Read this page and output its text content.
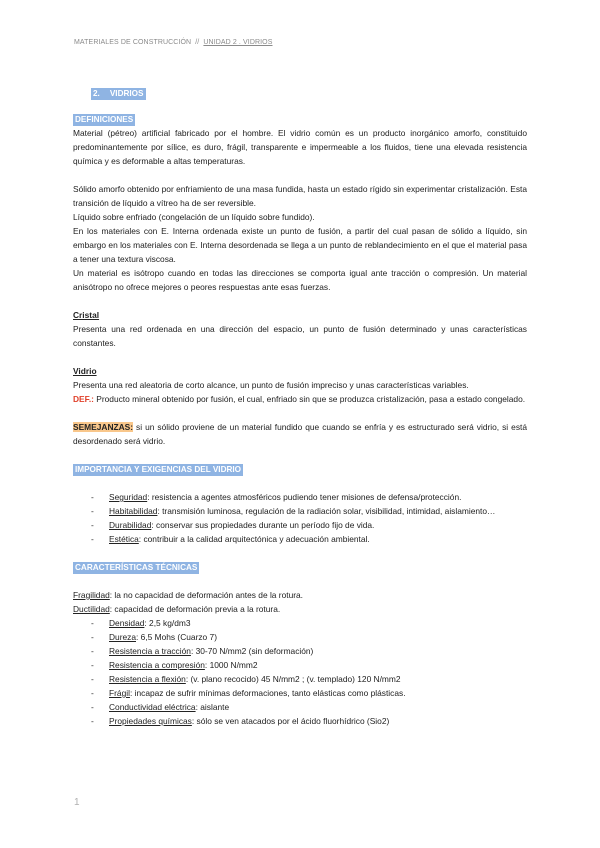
MATERIALES DE CONSTRUCCIÓN // UNIDAD 2 . VIDRIOS

2. VIDRIOS

DEFINICIONES

Material (pétreo) artificial fabricado por el hombre. El vidrio común es un producto inorgánico amorfo, constituido predominantemente por sílice, es duro, frágil, transparente e impermeable a los fluidos, tiene una elevada resistencia química y es deformable a altas temperaturas.

Sólido amorfo obtenido por enfriamiento de una masa fundida, hasta un estado rígido sin experimentar cristalización. Esta transición de líquido a vítreo ha de ser reversible.

Líquido sobre enfriado (congelación de un líquido sobre fundido).

En los materiales con E. Interna ordenada existe un punto de fusión, a partir del cual pasan de sólido a líquido, sin embargo en los materiales con E. Interna desordenada se llega a un punto de reblandecimiento en el que el material pasa a tener una textura viscosa.

Un material es isótropo cuando en todas las direcciones se comporta igual ante tracción o compresión. Un material anisótropo no ofrece mejores o peores respuestas ante esas fuerzas.

Cristal

Presenta una red ordenada en una dirección del espacio, un punto de fusión determinado y unas características constantes.

Vidrio

Presenta una red aleatoria de corto alcance, un punto de fusión impreciso y unas características variables.

DEF.: Producto mineral obtenido por fusión, el cual, enfriado sin que se produzca cristalización, pasa a estado congelado.

SEMEJANZAS: si un sólido proviene de un material fundido que cuando se enfría y es estructurado será vidrio, si está desordenado será vidrio.

IMPORTANCIA Y EXIGENCIAS DEL VIDRIO

- Seguridad: resistencia a agentes atmosféricos pudiendo tener misiones de defensa/protección.
- Habitabilidad: transmisión luminosa, regulación de la radiación solar, visibilidad, intimidad, aislamiento…
- Durabilidad: conservar sus propiedades durante un período fijo de vida.
- Estética: contribuir a la calidad arquitectónica y adecuación ambiental.

CARACTERÍSTICAS TÉCNICAS

Fragilidad: la no capacidad de deformación antes de la rotura.

Ductilidad: capacidad de deformación previa a la rotura.

- Densidad: 2,5 kg/dm3
- Dureza: 6,5 Mohs (Cuarzo 7)
- Resistencia a tracción: 30-70 N/mm2 (sin deformación)
- Resistencia a compresión: 1000 N/mm2
- Resistencia a flexión: (v. plano recocido) 45 N/mm2 ; (v. templado) 120 N/mm2
- Frágil: incapaz de sufrir mínimas deformaciones, tanto elásticas como plásticas.
- Conductividad eléctrica: aislante
- Propiedades químicas: sólo se ven atacados por el ácido fluorhídrico (Sio2)
1
